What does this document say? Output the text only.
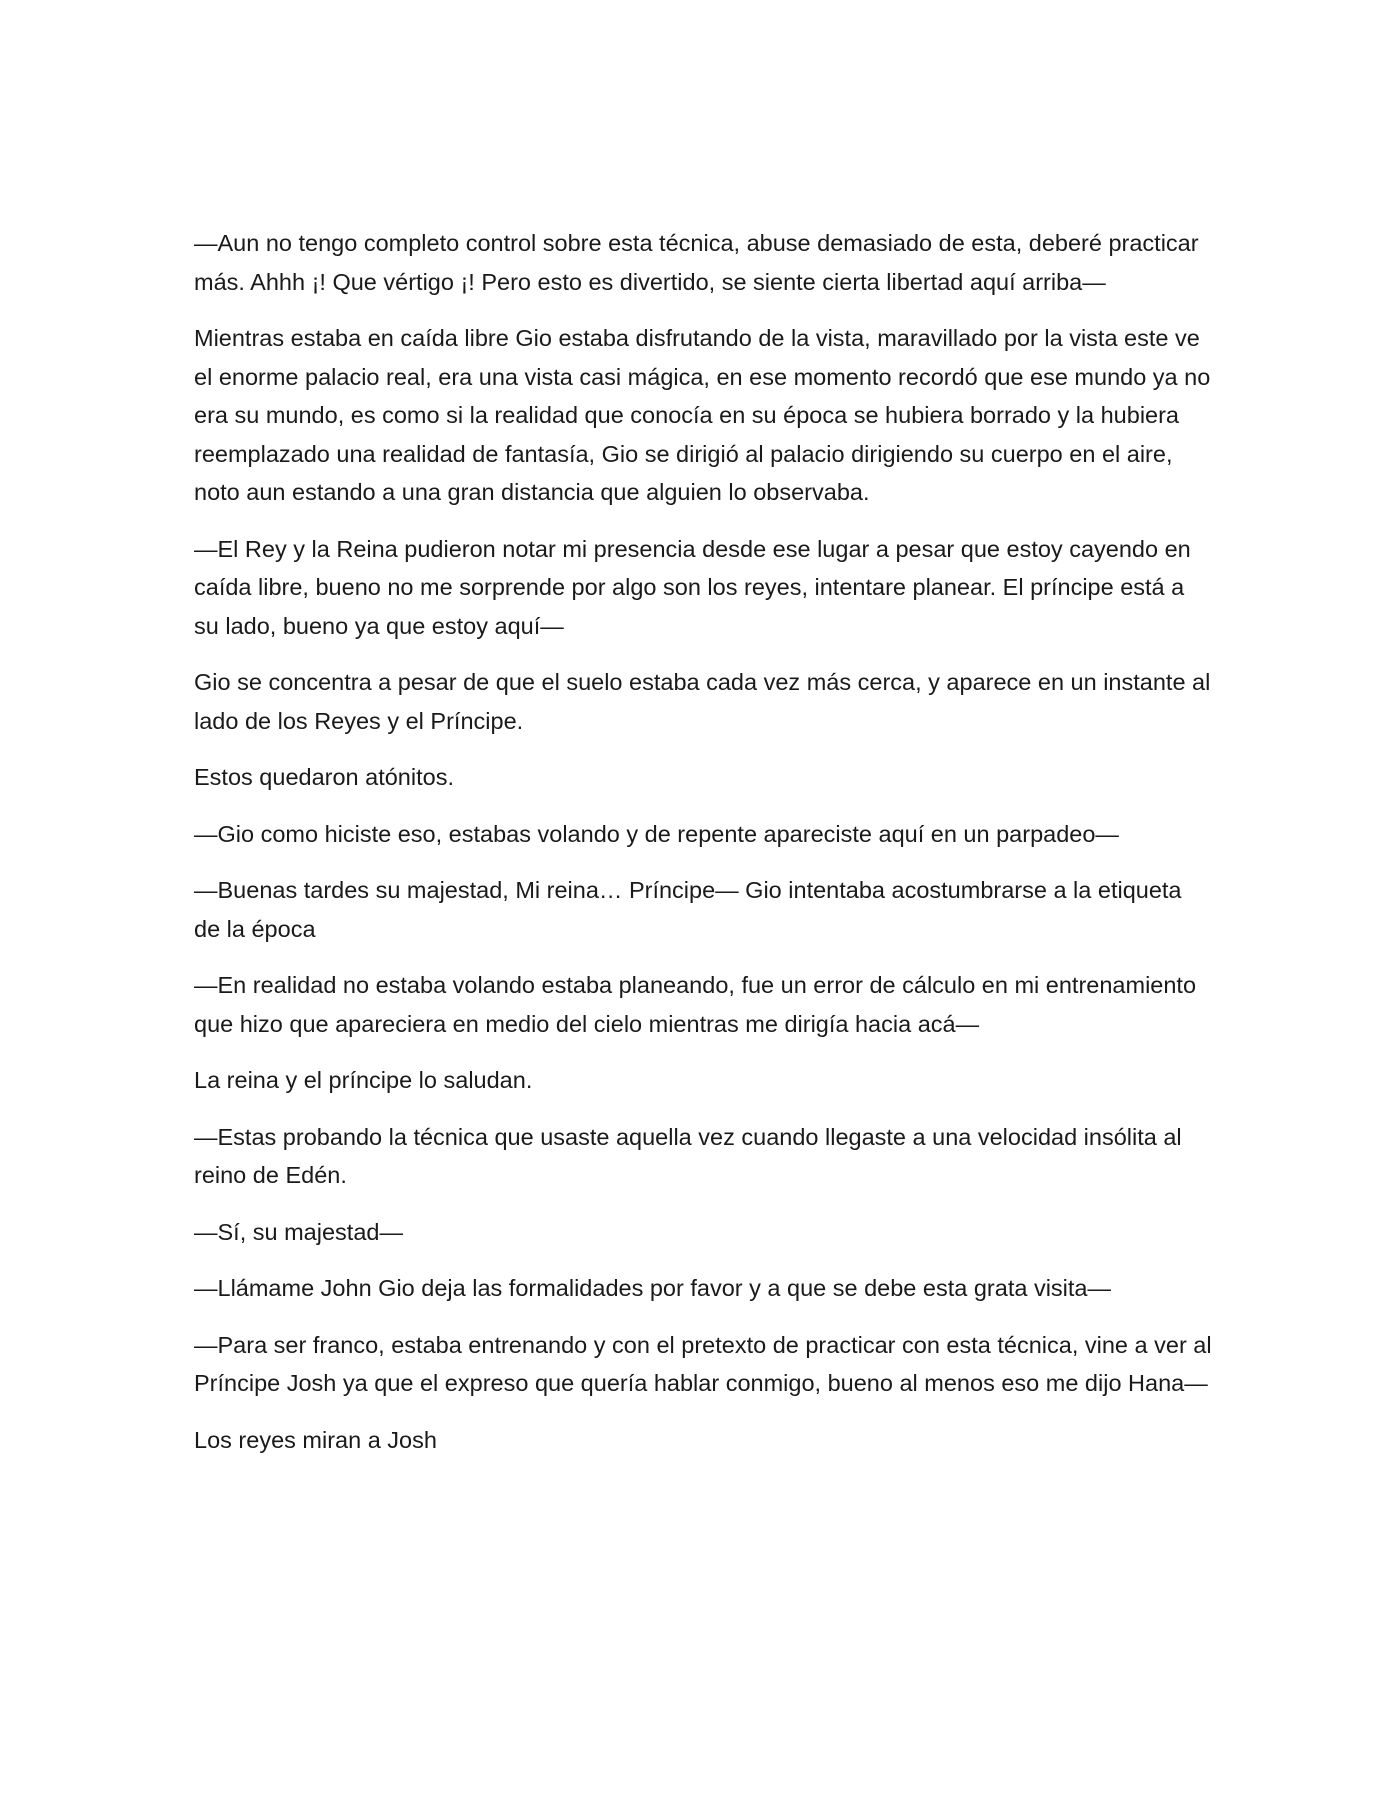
—Aun no tengo completo control sobre esta técnica, abuse demasiado de esta, deberé practicar más. Ahhh ¡! Que vértigo ¡! Pero esto es divertido, se siente cierta libertad aquí arriba—

Mientras estaba en caída libre Gio estaba disfrutando de la vista, maravillado por la vista este ve el enorme palacio real, era una vista casi mágica, en ese momento recordó que ese mundo ya no era su mundo, es como si la realidad que conocía en su época se hubiera borrado y la hubiera reemplazado una realidad de fantasía, Gio se dirigió al palacio dirigiendo su cuerpo en el aire, noto aun estando a una gran distancia que alguien lo observaba.

—El Rey y la Reina pudieron notar mi presencia desde ese lugar a pesar que estoy cayendo en caída libre, bueno no me sorprende por algo son los reyes, intentare planear. El príncipe está a su lado, bueno ya que estoy aquí—

Gio se concentra a pesar de que el suelo estaba cada vez más cerca, y aparece en un instante al lado de los Reyes y el Príncipe.

Estos quedaron atónitos.

—Gio como hiciste eso, estabas volando y de repente apareciste aquí en un parpadeo—

—Buenas tardes su majestad, Mi reina… Príncipe— Gio intentaba acostumbrarse a la etiqueta de la época

—En realidad no estaba volando estaba planeando, fue un error de cálculo en mi entrenamiento que hizo que apareciera en medio del cielo mientras me dirigía hacia acá—

La reina y el príncipe lo saludan.

—Estas probando la técnica que usaste aquella vez cuando llegaste a una velocidad insólita al reino de Edén.

—Sí, su majestad—

—Llámame John Gio deja las formalidades por favor y a que se debe esta grata visita—

—Para ser franco, estaba entrenando y con el pretexto de practicar con esta técnica, vine a ver al Príncipe Josh ya que el expreso que quería hablar conmigo, bueno al menos eso me dijo Hana—

Los reyes miran a Josh
